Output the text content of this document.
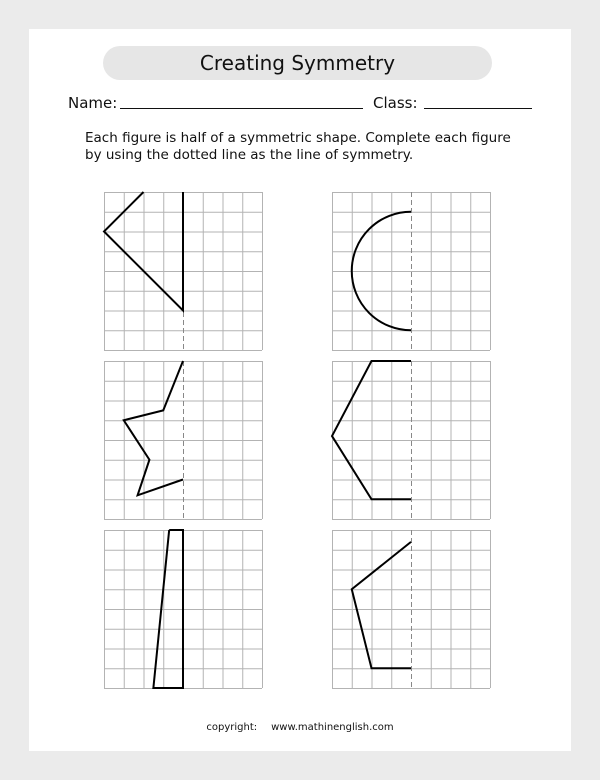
Creating Symmetry
Name:	Class:
Each figure is half of a symmetric shape. Complete each figure
by using the dotted line as the line of symmetry.
copyright: www.mathinenglish.com
